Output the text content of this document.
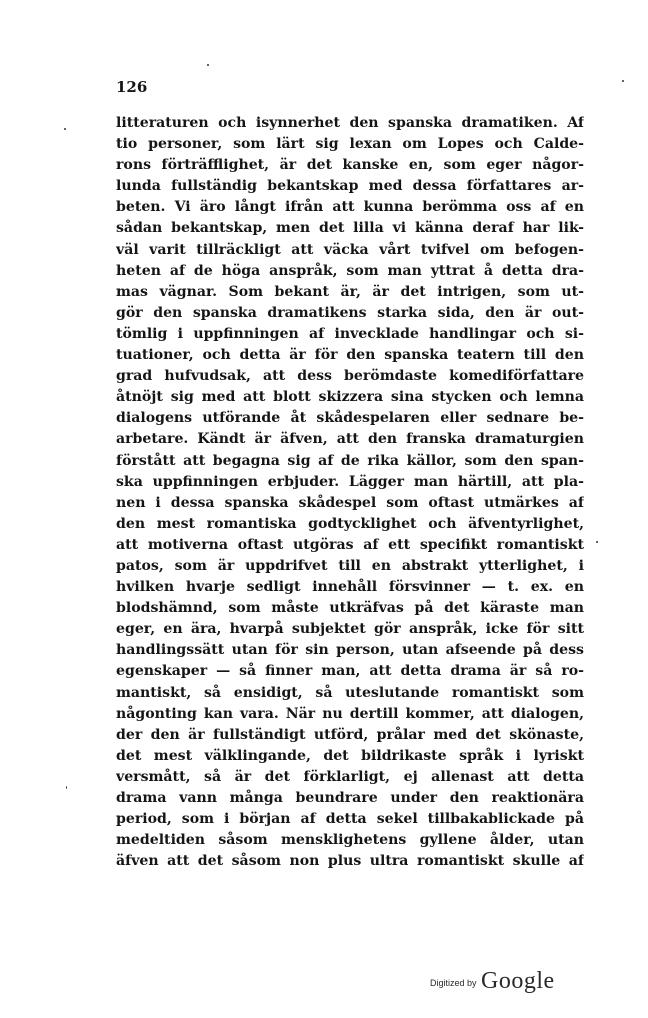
126
litteraturen och isynnerhet den spanska dramatiken. Af
tio personer, som lärt sig lexan om Lopes och Calde-
rons förträfflighet, är det kanske en, som eger någor-
lunda fullständig bekantskap med dessa författares ar-
beten. Vi äro långt ifrån att kunna berömma oss af en
sådan bekantskap, men det lilla vi känna deraf har lik-
väl varit tillräckligt att väcka vårt tvifvel om befogen-
heten af de höga anspråk, som man yttrat å detta dra-
mas vägnar. Som bekant är, är det intrigen, som ut-
gör den spanska dramatikens starka sida, den är out-
tömlig i uppfinningen af invecklade handlingar och si-
tuationer, och detta är för den spanska teatern till den
grad hufvudsak, att dess berömdaste komediförfattare
åtnöjt sig med att blott skizzera sina stycken och lemna
dialogens utförande åt skådespelaren eller sednare be-
arbetare. Kändt är äfven, att den franska dramaturgien
förstått att begagna sig af de rika källor, som den span-
ska uppfinningen erbjuder. Lägger man härtill, att pla-
nen i dessa spanska skådespel som oftast utmärkes af
den mest romantiska godtycklighet och äfventyrlighet,
att motiverna oftast utgöras af ett specifikt romantiskt
patos, som är uppdrifvet till en abstrakt ytterlighet, i
hvilken hvarje sedligt innehåll försvinner — t. ex. en
blodshämnd, som måste utkräfvas på det käraste man
eger, en ära, hvarpå subjektet gör anspråk, icke för sitt
handlingssätt utan för sin person, utan afseende på dess
egenskaper — så finner man, att detta drama är så ro-
mantiskt, så ensidigt, så uteslutande romantiskt som
någonting kan vara. När nu dertill kommer, att dialogen,
der den är fullständigt utförd, prålar med det skönaste,
det mest välklingande, det bildrikaste språk i lyriskt
versmått, så är det förklarligt, ej allenast att detta
drama vann många beundrare under den reaktionära
period, som i början af detta sekel tillbakablickade på
medeltiden såsom mensklighetens gyllene ålder, utan
äfven att det såsom non plus ultra romantiskt skulle af
Digitized by Google
